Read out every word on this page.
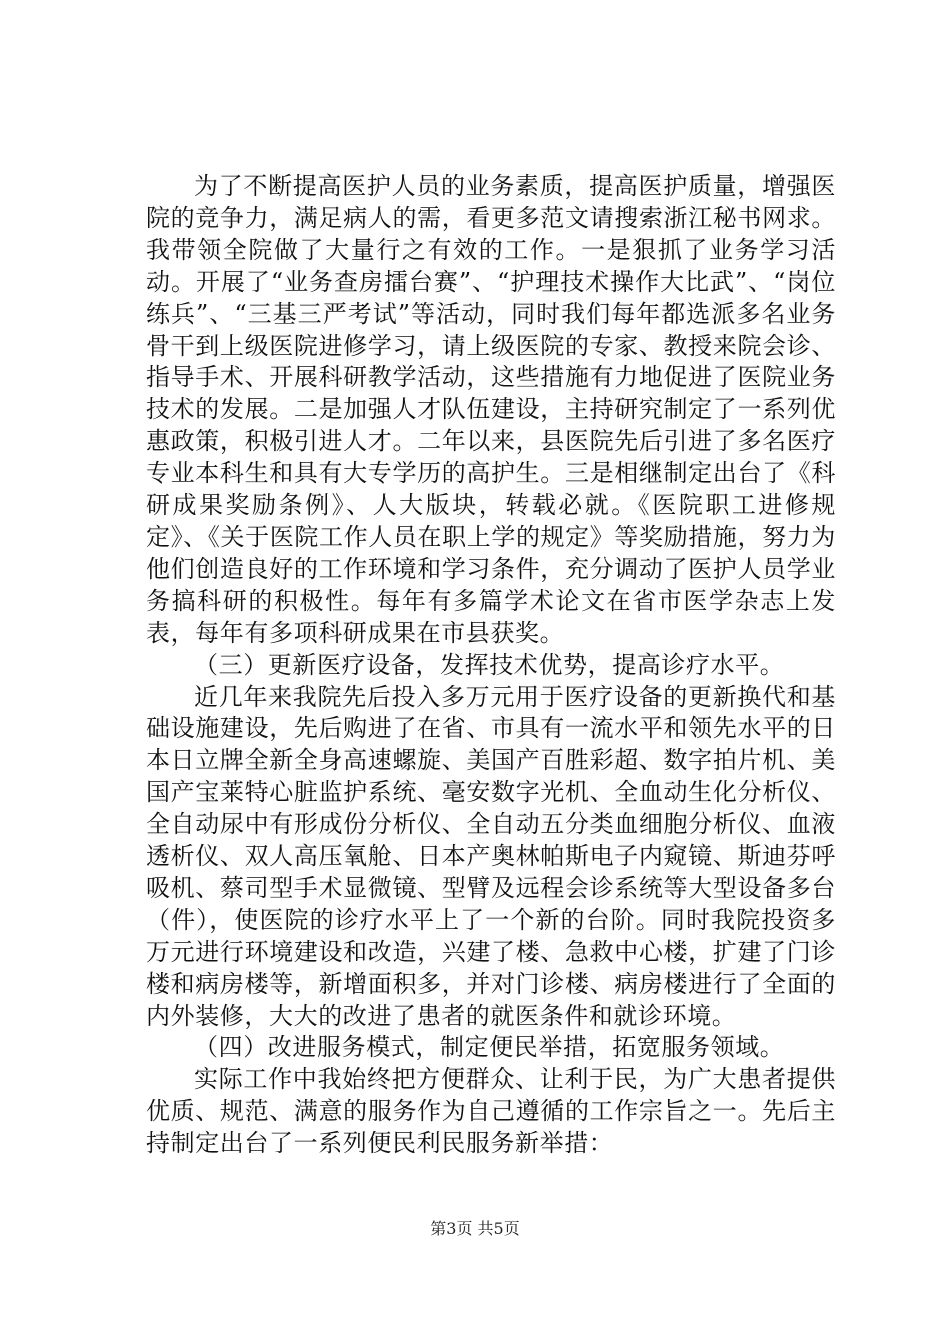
为了不断提高医护人员的业务素质，提高医护质量，增强医院的竞争力，满足病人的需，看更多范文请搜索浙江秘书网求。我带领全院做了大量行之有效的工作。一是狠抓了业务学习活动。开展了“业务查房擂台赛”、“护理技术操作大比武”、“岗位练兵”、“三基三严考试”等活动，同时我们每年都选派多名业务骨干到上级医院进修学习，请上级医院的专家、教授来院会诊、指导手术、开展科研教学活动，这些措施有力地促进了医院业务技术的发展。二是加强人才队伍建设，主持研究制定了一系列优惠政策，积极引进人才。二年以来，县医院先后引进了多名医疗专业本科生和具有大专学历的高护生。三是相继制定出台了《科研成果奖励条例》、人大版块，转载必就。《医院职工进修规定》、《关于医院工作人员在职上学的规定》等奖励措施，努力为他们创造良好的工作环境和学习条件，充分调动了医护人员学业务搞科研的积极性。每年有多篇学术论文在省市医学杂志上发表，每年有多项科研成果在市县获奖。

（三）更新医疗设备，发挥技术优势，提高诊疗水平。

近几年来我院先后投入多万元用于医疗设备的更新换代和基础设施建设，先后购进了在省、市具有一流水平和领先水平的日本日立牌全新全身高速螺旋、美国产百胜彩超、数字拍片机、美国产宝莱特心脏监护系统、毫安数字光机、全血动生化分析仪、全自动尿中有形成份分析仪、全自动五分类血细胞分析仪、血液透析仪、双人高压氧舱、日本产奥林帕斯电子内窥镜、斯迪芬呼吸机、蔡司型手术显微镜、型臂及远程会诊系统等大型设备多台（件），使医院的诊疗水平上了一个新的台阶。同时我院投资多万元进行环境建设和改造，兴建了楼、急救中心楼，扩建了门诊楼和病房楼等，新增面积多，并对门诊楼、病房楼进行了全面的内外装修，大大的改进了患者的就医条件和就诊环境。

（四）改进服务模式，制定便民举措，拓宽服务领域。

实际工作中我始终把方便群众、让利于民，为广大患者提供优质、规范、满意的服务作为自己遵循的工作宗旨之一。先后主持制定出台了一系列便民利民服务新举措：

第3页 共5页
